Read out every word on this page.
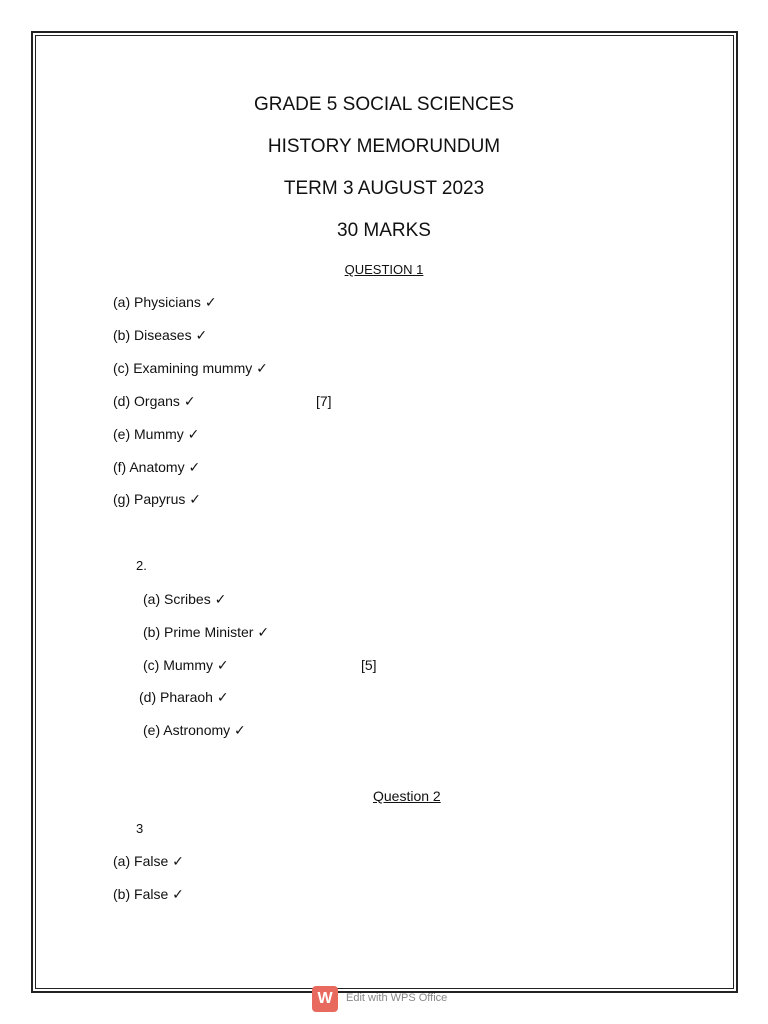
GRADE 5 SOCIAL SCIENCES
HISTORY MEMORUNDUM
TERM 3 AUGUST 2023
30 MARKS
QUESTION 1
(a) Physicians ✓
(b) Diseases ✓
(c) Examining mummy ✓
(d) Organs ✓	[7]
(e) Mummy ✓
(f) Anatomy ✓
(g) Papyrus ✓
2.
(a) Scribes ✓
(b) Prime Minister ✓
(c) Mummy ✓	[5]
(d) Pharaoh ✓
(e) Astronomy ✓
Question 2
3
(a) False ✓
(b) False ✓
W	Edit with WPS Office
